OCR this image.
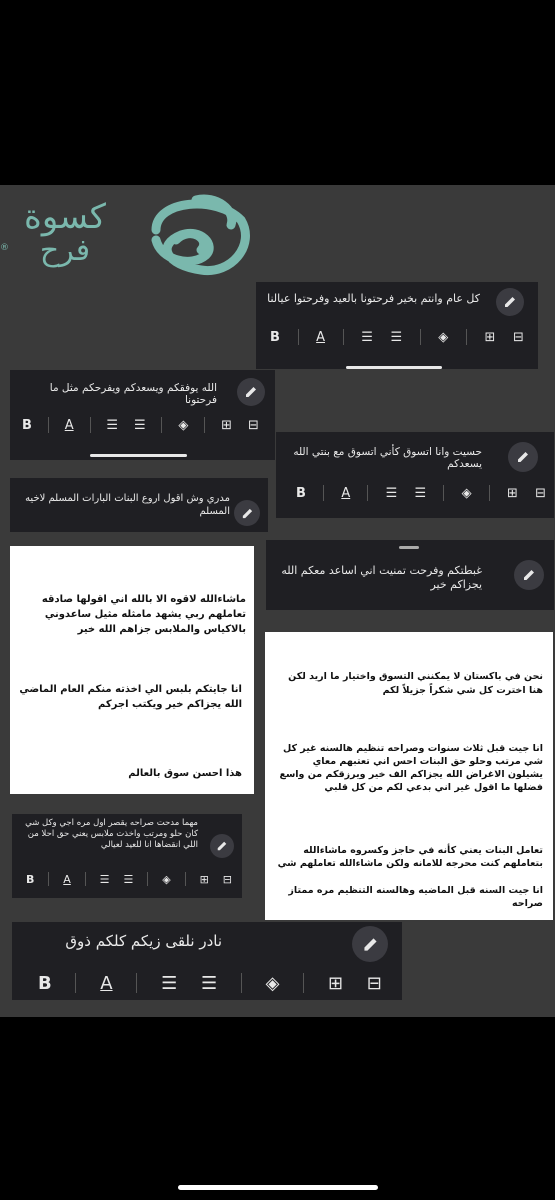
كسوة
فرح
®
كل عام وانتم بخير فرحتونا بالعيد وفرحتوا عيالنا
B	A	☰ ☰	◈	⊞ ⊟
الله يوفقكم ويسعدكم ويفرحكم مثل ما فرحتونا
B	A	☰ ☰	◈	⊞ ⊟
حسيت وانا اتسوق كأني اتسوق مع بنتي الله يسعدكم
B	A	☰ ☰	◈	⊞ ⊟
مدري وش اقول اروع البنات البارات المسلم لاخيه المسلم
غبطتكم وفرحت تمنيت اني اساعد معكم الله يجزاكم خير
ماشاءالله لاقوه الا بالله اني اقولها صادقه تعاملهم ربي يشهد مامثله مثيل ساعدوني بالاكياس والملابس جزاهم الله خير
انا جايتكم بلبس الي اخذته منكم العام الماضي الله يجزاكم خير ويكتب اجركم
هذا احسن سوق بالعالم
نحن في باكستان لا يمكنني التسوق واختيار ما اريد لكن هنا اخترت كل شي شكراً جزيلاً لكم
انا جيت قبل ثلاث سنوات وصراحه تنظيم هالسنه غير كل شي مرتب وحلو حق البنات احس اني تعتبهم معاي يشيلون الاغراض الله يجزاكم الف خير ويرزقكم من واسع فضلها ما اقول غير اني بدعي لكم من كل قلبي
تعامل البنات يعني كأنه في حاجز وكسروه ماشاءالله بتعاملهم كنت محرجه للامانه ولكن ماشاءالله تعاملهم شي
انا جيت السنه قبل الماضيه وهالسنه التنظيم مره ممتاز صراحه
مهما مدحت صراحه يقصر اول مره اجي وكل شي كان حلو ومرتب واخذت ملابس يعني حق احلا من اللي انقضاها انا للعيد لعيالي
B	A	☰ ☰	◈	⊞ ⊟
نادر نلقى زيكم كلكم ذوق
B	A	☰ ☰	◈	⊞ ⊟
